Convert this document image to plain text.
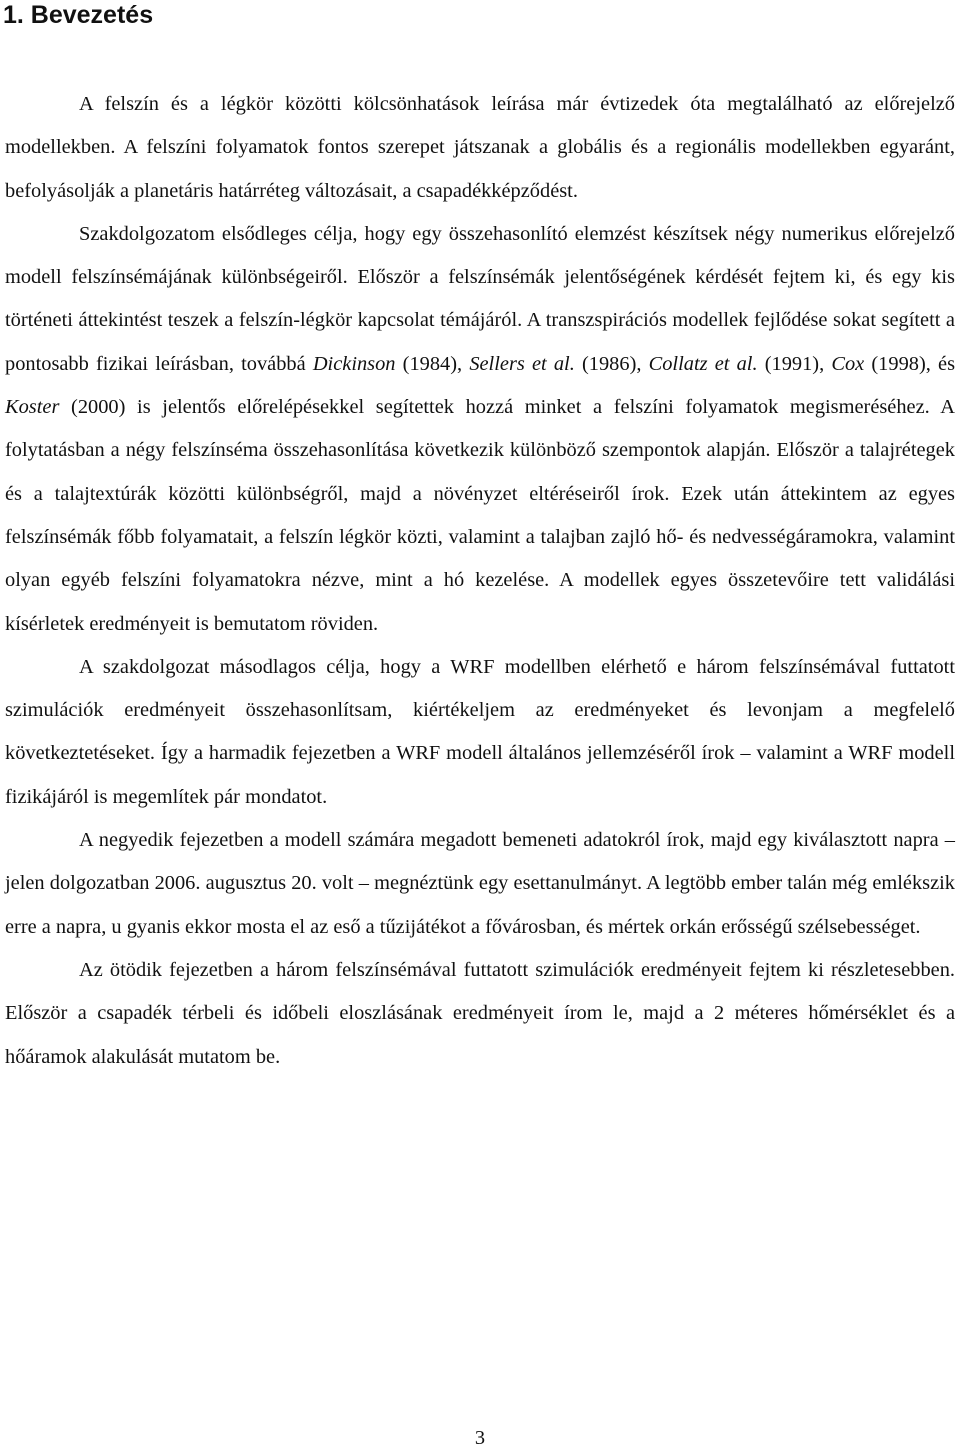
1. Bevezetés

A felszín és a légkör közötti kölcsönhatások leírása már évtizedek óta megtalálható az előrejelző modellekben. A felszíni folyamatok fontos szerepet játszanak a globális és a regionális modellekben egyaránt, befolyásolják a planetáris határréteg változásait, a csapadékképződést.

Szakdolgozatom elsődleges célja, hogy egy összehasonlító elemzést készítsek négy numerikus előrejelző modell felszínsémájának különbségeiről. Először a felszínsémák jelentőségének kérdését fejtem ki, és egy kis történeti áttekintést teszek a felszín-légkör kapcsolat témájáról. A transzspirációs modellek fejlődése sokat segített a pontosabb fizikai leírásban, továbbá Dickinson (1984), Sellers et al. (1986), Collatz et al. (1991), Cox (1998), és Koster (2000) is jelentős előrelépésekkel segítettek hozzá minket a felszíni folyamatok megismeréséhez. A folytatásban a négy felszínséma összehasonlítása következik különböző szempontok alapján. Először a talajrétegek és a talajtextúrák közötti különbségről, majd a növényzet eltéréseiről írok. Ezek után áttekintem az egyes felszínsémák főbb folyamatait, a felszín légkör közti, valamint a talajban zajló hő- és nedvességáramokra, valamint olyan egyéb felszíni folyamatokra nézve, mint a hó kezelése. A modellek egyes összetevőire tett validálási kísérletek eredményeit is bemutatom röviden.

A szakdolgozat másodlagos célja, hogy a WRF modellben elérhető e három felszínsémával futtatott szimulációk eredményeit összehasonlítsam, kiértékeljem az eredményeket és levonjam a megfelelő következtetéseket. Így a harmadik fejezetben a WRF modell általános jellemzéséről írok – valamint a WRF modell fizikájáról is megemlítek pár mondatot.

A negyedik fejezetben a modell számára megadott bemeneti adatokról írok, majd egy kiválasztott napra – jelen dolgozatban 2006. augusztus 20. volt – megnéztünk egy esettanulmányt. A legtöbb ember talán még emlékszik erre a napra, u gyanis ekkor mosta el az eső a tűzijátékot a fővárosban, és mértek orkán erősségű szélsebességet.

Az ötödik fejezetben a három felszínsémával futtatott szimulációk eredményeit fejtem ki részletesebben. Először a csapadék térbeli és időbeli eloszlásának eredményeit írom le, majd a 2 méteres hőmérséklet és a hőáramok alakulását mutatom be.

3
